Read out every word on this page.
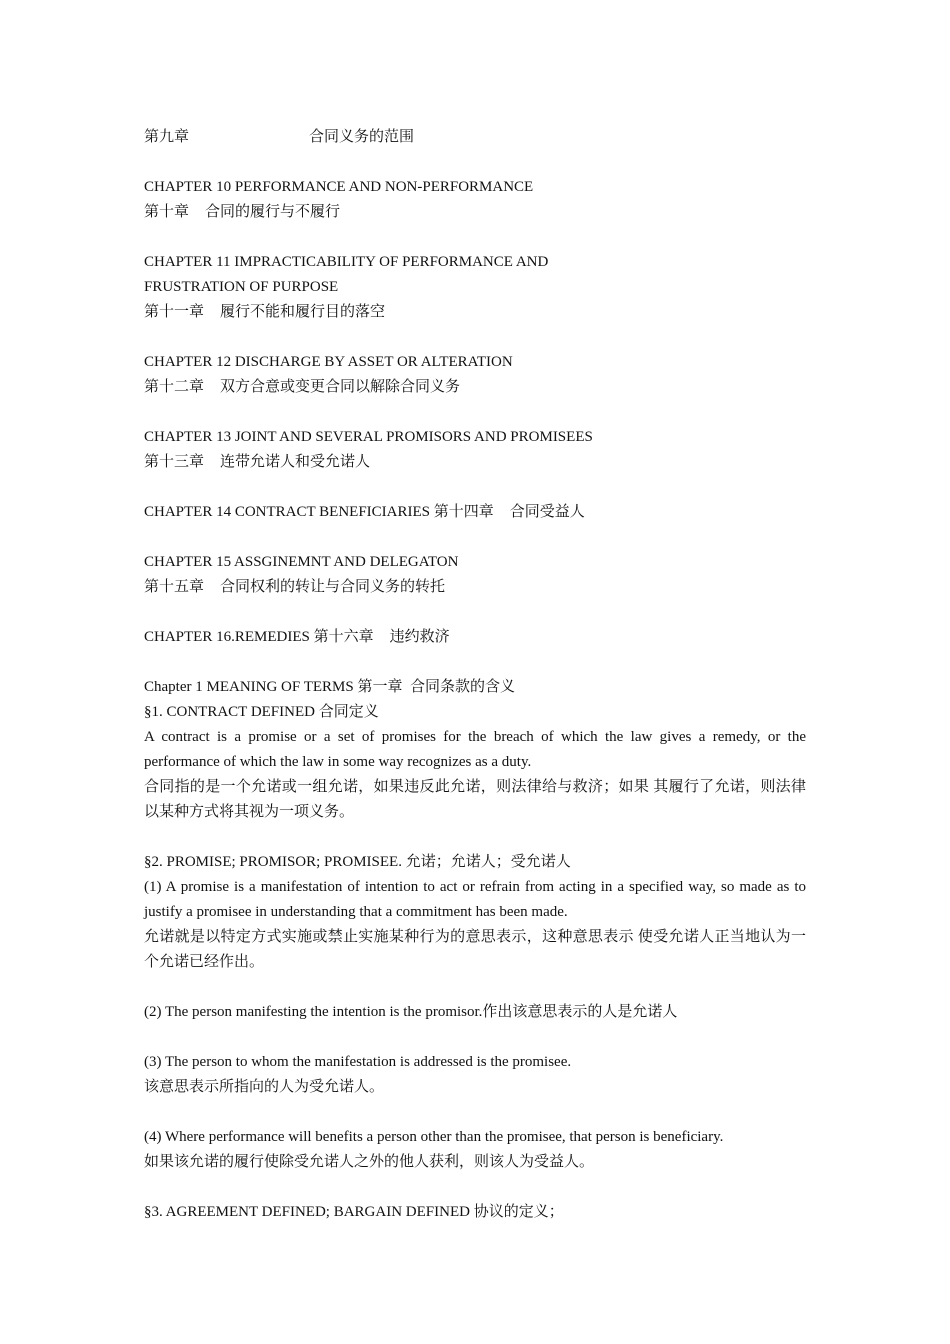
第九章	合同义务的范围
CHAPTER 10 PERFORMANCE AND NON-PERFORMANCE
第十章 合同的履行与不履行
CHAPTER 11 IMPRACTICABILITY OF PERFORMANCE AND
FRUSTRATION OF PURPOSE
第十一章 履行不能和履行目的落空
CHAPTER 12 DISCHARGE BY ASSET OR ALTERATION
第十二章 双方合意或变更合同以解除合同义务
CHAPTER 13 JOINT AND SEVERAL PROMISORS AND PROMISEES
第十三章 连带允诺人和受允诺人
CHAPTER 14 CONTRACT BENEFICIARIES 第十四章 合同受益人
CHAPTER 15 ASSGINEMNT AND DELEGATON
第十五章 合同权利的转让与合同义务的转托
CHAPTER 16.REMEDIES 第十六章 违约救济
Chapter 1 MEANING OF TERMS 第一章 合同条款的含义
§1. CONTRACT DEFINED 合同定义
A contract is a promise or a set of promises for the breach of which the law gives a remedy, or the performance of which the law in some way recognizes as a duty.
合同指的是一个允诺或一组允诺，如果违反此允诺，则法律给与救济；如果 其履行了允诺，则法律以某种方式将其视为一项义务。
§2. PROMISE; PROMISOR; PROMISEE. 允诺；允诺人；受允诺人
(1) A promise is a manifestation of intention to act or refrain from acting in a specified way, so made as to justify a promisee in understanding that a commitment has been made.
允诺就是以特定方式实施或禁止实施某种行为的意思表示，这种意思表示 使受允诺人正当地认为一个允诺已经作出。
(2) The person manifesting the intention is the promisor.作出该意思表示的人是允诺人
(3) The person to whom the manifestation is addressed is the promisee.
该意思表示所指向的人为受允诺人。
(4) Where performance will benefits a person other than the promisee, that person is beneficiary.
如果该允诺的履行使除受允诺人之外的他人获利，则该人为受益人。
§3. AGREEMENT DEFINED; BARGAIN DEFINED 协议的定义；
